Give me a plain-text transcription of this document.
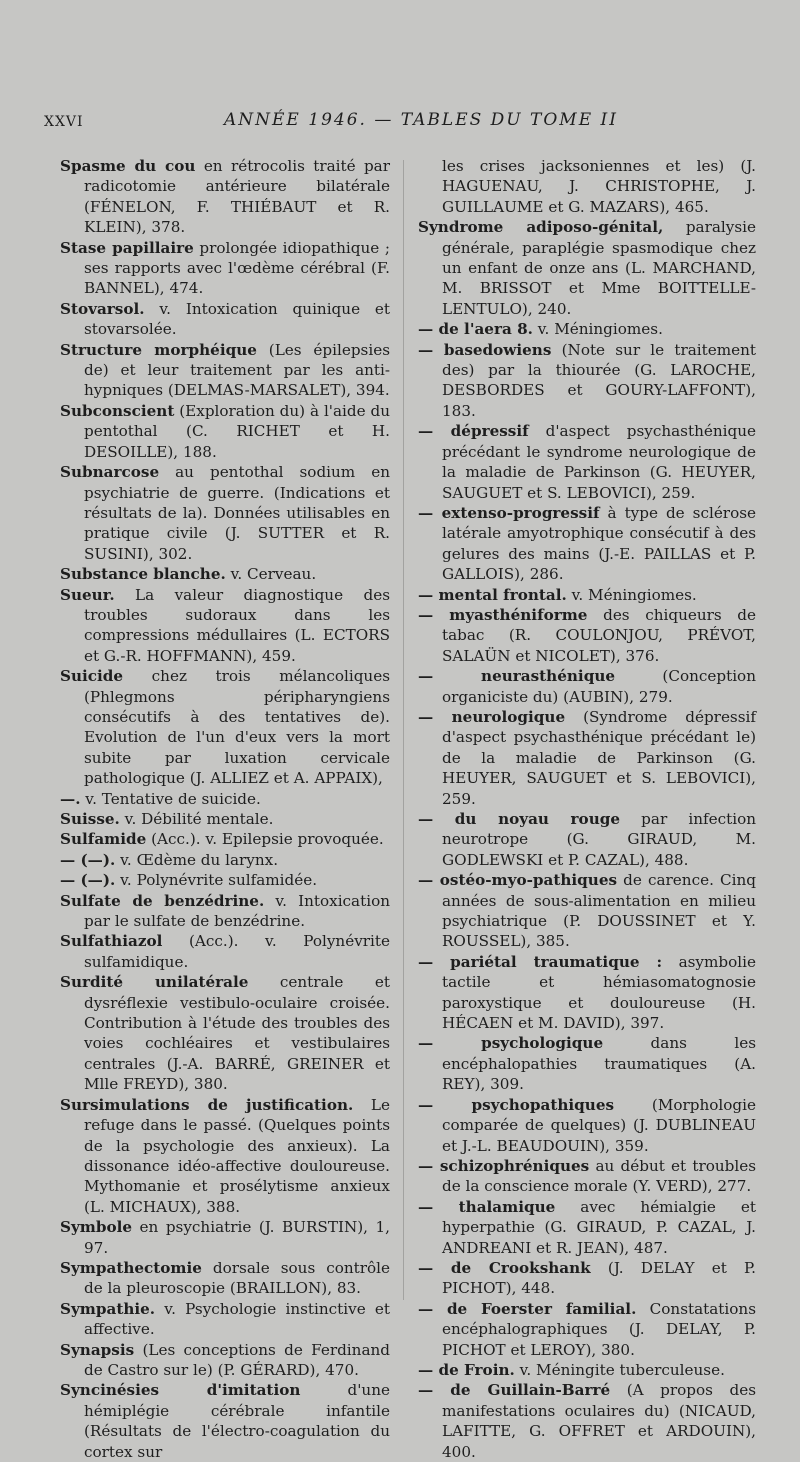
XXVI	ANNÉE 1946. — TABLES DU TOME II

Spasme du cou en rétrocolis traité par radicotomie antérieure bilatérale (FÉNELON, F. THIÉBAUT et R. KLEIN), 378.

Stase papillaire prolongée idiopathique ; ses rapports avec l'œdème cérébral (F. BANNEL), 474.

Stovarsol. v. Intoxication quinique et stovarsolée.

Structure morphéique (Les épilepsies de) et leur traitement par les anti-hypniques (DELMAS-MARSALET), 394.

Subconscient (Exploration du) à l'aide du pentothal (C. RICHET et H. DESOILLE), 188.

Subnarcose au pentothal sodium en psychiatrie de guerre. (Indications et résultats de la). Données utilisables en pratique civile (J. SUTTER et R. SUSINI), 302.

Substance blanche. v. Cerveau.

Sueur. La valeur diagnostique des troubles sudoraux dans les compressions médullaires (L. ECTORS et G.-R. HOFFMANN), 459.

Suicide chez trois mélancoliques (Phlegmons péripharyngiens consécutifs à des tentatives de). Evolution de l'un d'eux vers la mort subite par luxation cervicale pathologique (J. ALLIEZ et A. APPAIX),

—. v. Tentative de suicide.

Suisse. v. Débilité mentale.

Sulfamide (Acc.). v. Epilepsie provoquée.

— (—). v. Œdème du larynx.

— (—). v. Polynévrite sulfamidée.

Sulfate de benzédrine. v. Intoxication par le sulfate de benzédrine.

Sulfathiazol (Acc.). v. Polynévrite sulfamidique.

Surdité unilatérale centrale et dysréflexie vestibulo-oculaire croisée. Contribution à l'étude des troubles des voies cochléaires et vestibulaires centrales (J.-A. BARRÉ, GREINER et Mlle FREYD), 380.

Sursimulations de justification. Le refuge dans le passé. (Quelques points de la psychologie des anxieux). La dissonance idéo-affective douloureuse. Mythomanie et prosélytisme anxieux (L. MICHAUX), 388.

Symbole en psychiatrie (J. BURSTIN), 1, 97.

Sympathectomie dorsale sous contrôle de la pleuroscopie (BRAILLON), 83.

Sympathie. v. Psychologie instinctive et affective.

Synapsis (Les conceptions de Ferdinand de Castro sur le) (P. GÉRARD), 470.

Syncinésies d'imitation d'une hémiplégie cérébrale infantile (Résultats de l'électro-coagulation du cortex sur

les crises jacksoniennes et les) (J. HAGUENAU, J. CHRISTOPHE, J. GUILLAUME et G. MAZARS), 465.

Syndrome adiposo-génital, paralysie générale, paraplégie spasmodique chez un enfant de onze ans (L. MARCHAND, M. BRISSOT et Mme BOITTELLE-LENTULO), 240.

— de l'aera 8. v. Méningiomes.

— basedowiens (Note sur le traitement des) par la thiourée (G. LAROCHE, DESBORDES et GOURY-LAFFONT), 183.

— dépressif d'aspect psychasthénique précédant le syndrome neurologique de la maladie de Parkinson (G. HEUYER, SAUGUET et S. LEBOVICI), 259.

— extenso-progressif à type de sclérose latérale amyotrophique consécutif à des gelures des mains (J.-E. PAILLAS et P. GALLOIS), 286.

— mental frontal. v. Méningiomes.

— myasthéniforme des chiqueurs de tabac (R. COULONJOU, PRÉVOT, SALAÜN et NICOLET), 376.

— neurasthénique (Conception organiciste du) (AUBIN), 279.

— neurologique (Syndrome dépressif d'aspect psychasthénique précédant le) de la maladie de Parkinson (G. HEUYER, SAUGUET et S. LEBOVICI), 259.

— du noyau rouge par infection neurotrope (G. GIRAUD, M. GODLEWSKI et P. CAZAL), 488.

— ostéo-myo-pathiques de carence. Cinq années de sous-alimentation en milieu psychiatrique (P. DOUSSINET et Y. ROUSSEL), 385.

— pariétal traumatique : asymbolie tactile et hémiasomatognosie paroxystique et douloureuse (H. HÉCAEN et M. DAVID), 397.

— psychologique dans les encéphalopathies traumatiques (A. REY), 309.

— psychopathiques (Morphologie comparée de quelques) (J. DUBLINEAU et J.-L. BEAUDOUIN), 359.

— schizophréniques au début et troubles de la conscience morale (Y. VERD), 277.

— thalamique avec hémialgie et hyperpathie (G. GIRAUD, P. CAZAL, J. ANDREANI et R. JEAN), 487.

— de Crookshank (J. DELAY et P. PICHOT), 448.

— de Foerster familial. Constatations encéphalographiques (J. DELAY, P. PICHOT et LEROY), 380.

— de Froin. v. Méningite tuberculeuse.

— de Guillain-Barré (A propos des manifestations oculaires du) (NICAUD, LAFITTE, G. OFFRET et ARDOUIN), 400.
